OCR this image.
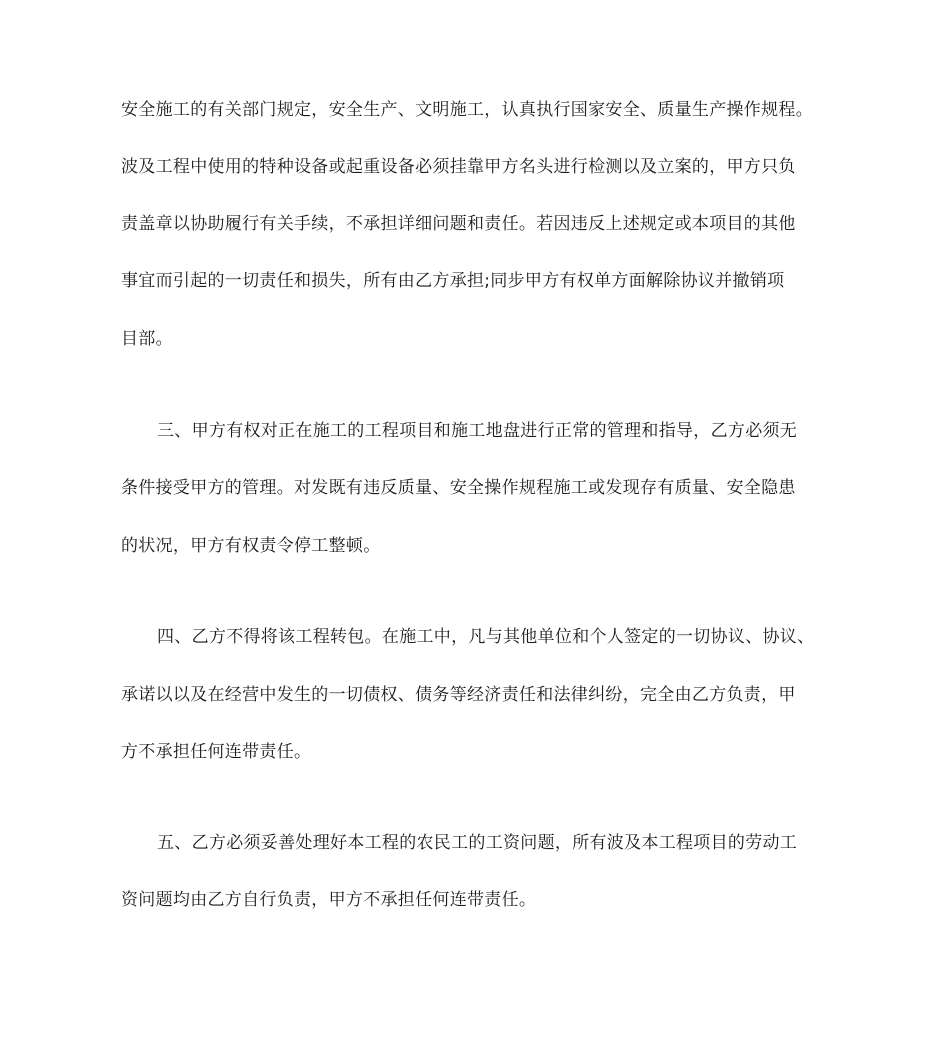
安全施工的有关部门规定，安全生产、文明施工，认真执行国家安全、质量生产操作规程。
波及工程中使用的特种设备或起重设备必须挂靠甲方名头进行检测以及立案的，甲方只负
责盖章以协助履行有关手续，不承担详细问题和责任。若因违反上述规定或本项目的其他
事宜而引起的一切责任和损失，所有由乙方承担;同步甲方有权单方面解除协议并撤销项
目部。
三、甲方有权对正在施工的工程项目和施工地盘进行正常的管理和指导，乙方必须无
条件接受甲方的管理。对发既有违反质量、安全操作规程施工或发现存有质量、安全隐患
的状况，甲方有权责令停工整顿。
四、乙方不得将该工程转包。在施工中，凡与其他单位和个人签定的一切协议、协议、
承诺以以及在经营中发生的一切债权、债务等经济责任和法律纠纷，完全由乙方负责，甲
方不承担任何连带责任。
五、乙方必须妥善处理好本工程的农民工的工资问题，所有波及本工程项目的劳动工
资问题均由乙方自行负责，甲方不承担任何连带责任。
